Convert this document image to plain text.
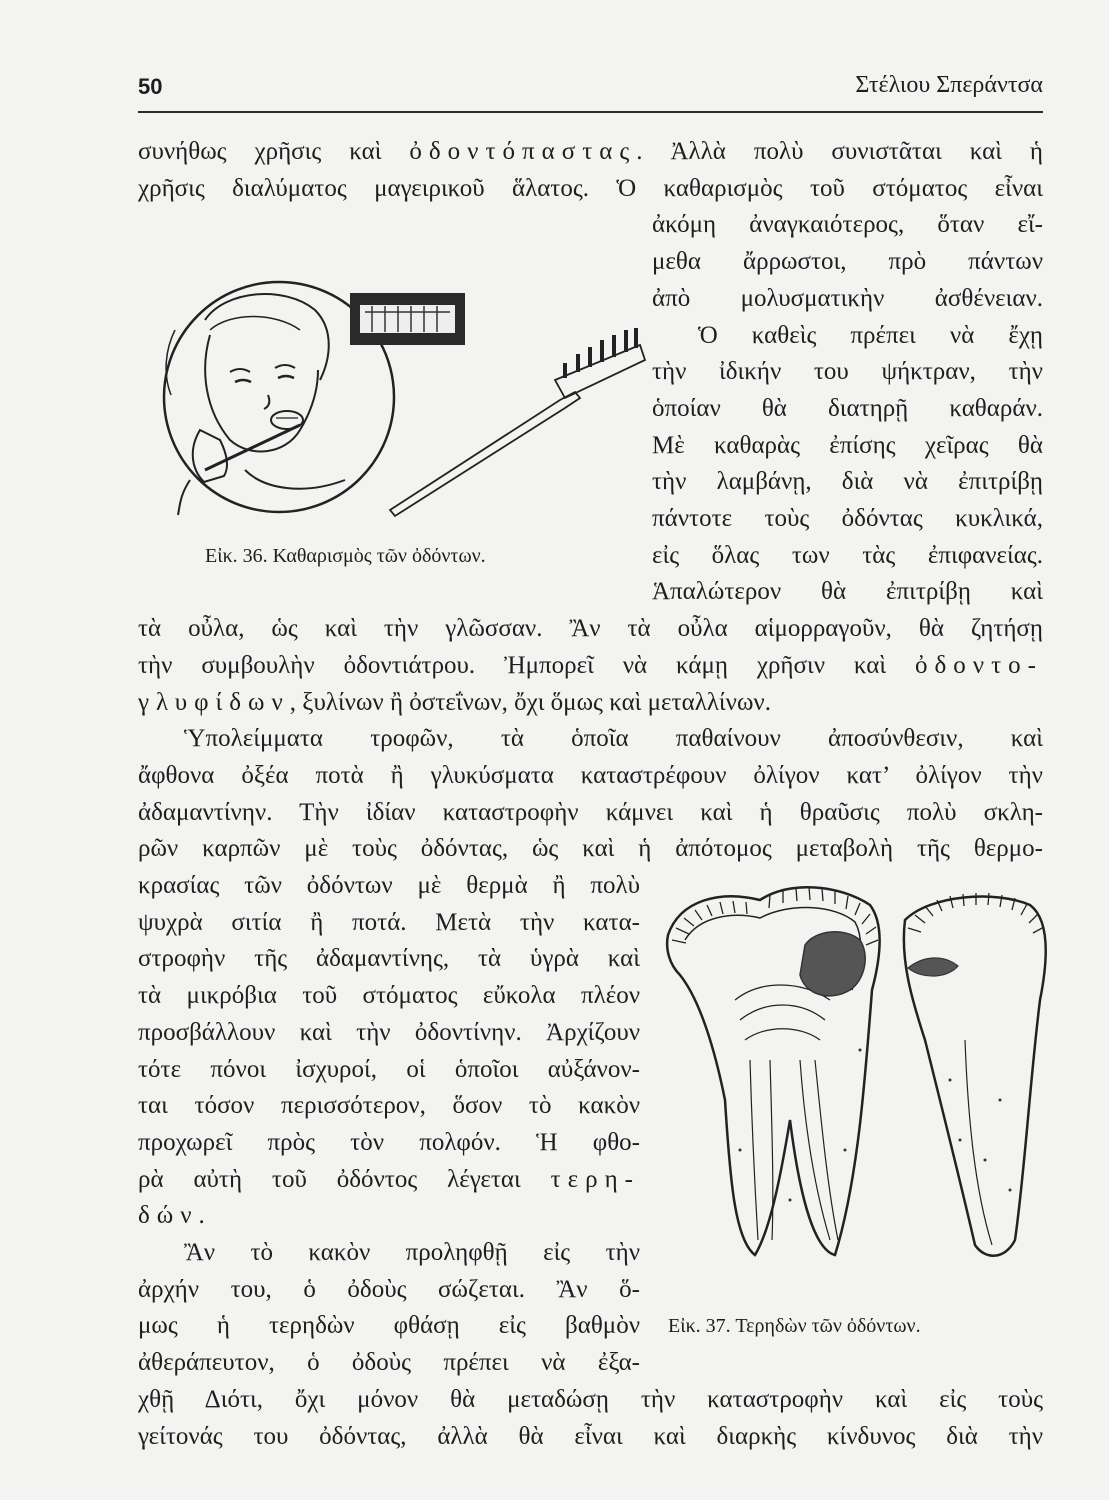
50	Στέλιου Σπεράντσα
συνήθως χρῆσις καὶ ὀδοντόπαστας. Ἀλλὰ πολὺ συνιστᾶται καὶ ἡ
χρῆσις διαλύματος μαγειρικοῦ ἅλατος. Ὁ καθαρισμὸς τοῦ στόματος εἶναι
ἀκόμη ἀναγκαιότερος, ὅταν εἴ-
μεθα ἄρρωστοι, πρὸ πάντων
ἀπὸ μολυσματικὴν ἀσθένειαν.
Ὁ καθεὶς πρέπει νὰ ἔχῃ
τὴν ἰδικήν του ψήκτραν, τὴν
ὁποίαν θὰ διατηρῇ καθαράν.
Μὲ καθαρὰς ἐπίσης χεῖρας θὰ
τὴν λαμβάνῃ, διὰ νὰ ἐπιτρίβῃ
πάντοτε τοὺς ὀδόντας κυκλικά,
εἰς ὅλας των τὰς ἐπιφανείας.
Ἁπαλώτερον θὰ ἐπιτρίβῃ καὶ
τὰ οὖλα, ὡς καὶ τὴν γλῶσσαν. Ἂν τὰ οὖλα αἱμορραγοῦν, θὰ ζητήσῃ
τὴν συμβουλὴν ὀδοντιάτρου. Ἠμπορεῖ νὰ κάμῃ χρῆσιν καὶ ὀδοντο-
γλυφίδων, ξυλίνων ἢ ὀστεΐνων, ὄχι ὅμως καὶ μεταλλίνων.
Ὑπολείμματα τροφῶν, τὰ ὁποῖα παθαίνουν ἀποσύνθεσιν, καὶ
ἄφθονα ὀξέα ποτὰ ἢ γλυκύσματα καταστρέφουν ὀλίγον κατ’ ὀλίγον τὴν
ἀδαμαντίνην. Τὴν ἰδίαν καταστροφὴν κάμνει καὶ ἡ θραῦσις πολὺ σκλη-
ρῶν καρπῶν μὲ τοὺς ὀδόντας, ὡς καὶ ἡ ἀπότομος μεταβολὴ τῆς θερμο-
κρασίας τῶν ὀδόντων μὲ θερμὰ ἢ πολὺ
ψυχρὰ σιτία ἢ ποτά. Μετὰ τὴν κατα-
στροφὴν τῆς ἀδαμαντίνης, τὰ ὑγρὰ καὶ
τὰ μικρόβια τοῦ στόματος εὔκολα πλέον
προσβάλλουν καὶ τὴν ὀδοντίνην. Ἀρχίζουν
τότε πόνοι ἰσχυροί, οἱ ὁποῖοι αὐξάνον-
ται τόσον περισσότερον, ὅσον τὸ κακὸν
προχωρεῖ πρὸς τὸν πολφόν. Ἡ φθο-
ρὰ αὐτὴ τοῦ ὀδόντος λέγεται τερη-
δών.
Ἂν τὸ κακὸν προληφθῇ εἰς τὴν
ἀρχήν του, ὁ ὀδοὺς σώζεται. Ἂν ὅ-
μως ἡ τερηδὼν φθάσῃ εἰς βαθμὸν
ἀθεράπευτον, ὁ ὀδοὺς πρέπει νὰ ἐξα-
χθῇ Διότι, ὄχι μόνον θὰ μεταδώσῃ τὴν καταστροφὴν καὶ εἰς τοὺς
γείτονάς του ὀδόντας, ἀλλὰ θὰ εἶναι καὶ διαρκὴς κίνδυνος διὰ τὴν
Εἰκ. 36. Καθαρισμὸς τῶν ὀδόντων.
Εἰκ. 37. Τερηδὼν τῶν ὀδόντων.
